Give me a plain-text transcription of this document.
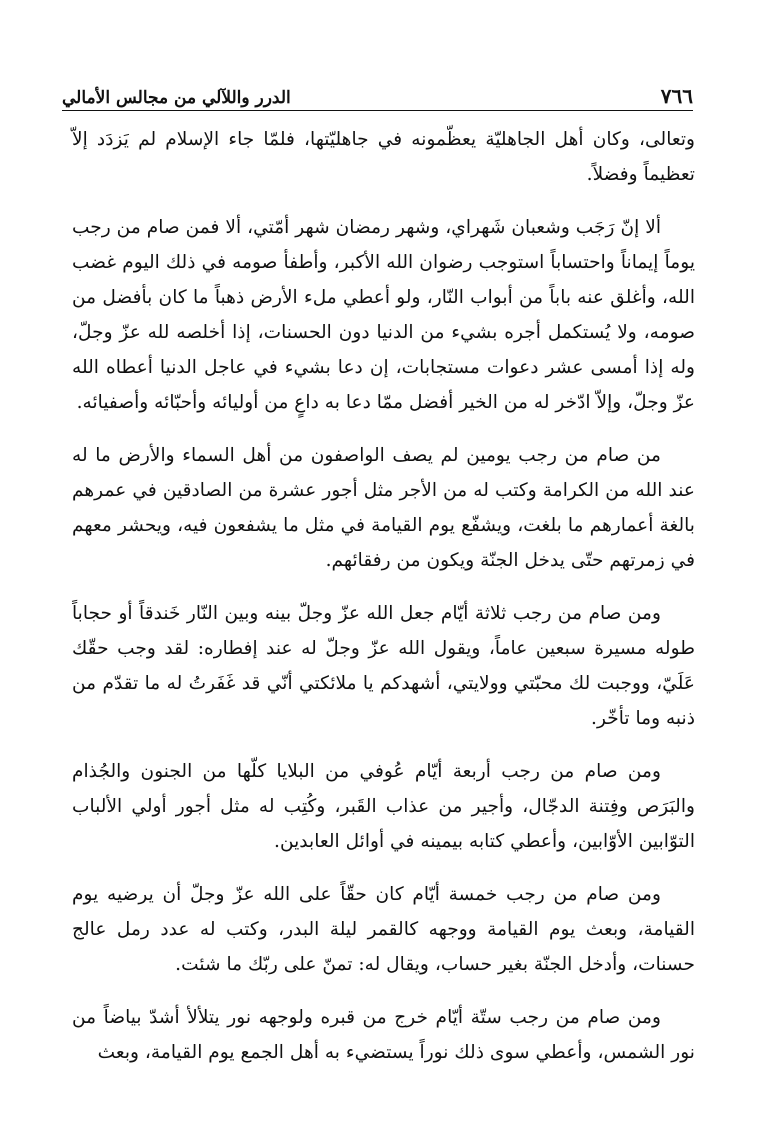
٧٦٦
الدرر واللآلي من مجالس الأمالي

وتعالى، وكان أهل الجاهليّة يعظّمونه في جاهليّتها، فلمّا جاء الإسلام لم يَزدَد إلاّ تعظيماً وفضلاً.

ألا إنّ رَجَب وشعبان شَهراي، وشهر رمضان شهر أمّتي، ألا فمن صام من رجب يوماً إيماناً واحتساباً استوجب رضوان الله الأكبر، وأطفأ صومه في ذلك اليوم غضب الله، وأغلق عنه باباً من أبواب النّار، ولو أعطي ملء الأرض ذهباً ما كان بأفضل من صومه، ولا يُستكمل أجره بشيء من الدنيا دون الحسنات، إذا أخلصه لله عزّ وجلّ، وله إذا أمسى عشر دعوات مستجابات، إن دعا بشيء في عاجل الدنيا أعطاه الله عزّ وجلّ، وإلاّ ادّخر له من الخير أفضل ممّا دعا به داعٍ من أوليائه وأحبّائه وأصفيائه.

من صام من رجب يومين لم يصف الواصفون من أهل السماء والأرض ما له عند الله من الكرامة وكتب له من الأجر مثل أجور عشرة من الصادقين في عمرهم بالغة أعمارهم ما بلغت، ويشفّع يوم القيامة في مثل ما يشفعون فيه، ويحشر معهم في زمرتهم حتّى يدخل الجنّة ويكون من رفقائهم.

ومن صام من رجب ثلاثة أيّام جعل الله عزّ وجلّ بينه وبين النّار خَندقاً أو حجاباً طوله مسيرة سبعين عاماً، ويقول الله عزّ وجلّ له عند إفطاره: لقد وجب حقّك عَلَيّ، ووجبت لك محبّتي وولايتي، أشهدكم يا ملائكتي أنّي قد غَفَرتُ له ما تقدّم من ذنبه وما تأخّر.

ومن صام من رجب أربعة أيّام عُوفي من البلايا كلّها من الجنون والجُذام والبَرَص وفِتنة الدجّال، وأجير من عذاب القَبر، وكُتِب له مثل أجور أولي الألباب التوّابين الأوّابين، وأعطي كتابه بيمينه في أوائل العابدين.

ومن صام من رجب خمسة أيّام كان حقّاً على الله عزّ وجلّ أن يرضيه يوم القيامة، وبعث يوم القيامة ووجهه كالقمر ليلة البدر، وكتب له عدد رمل عالج حسنات، وأدخل الجنّة بغير حساب، ويقال له: تمنّ على ربّك ما شئت.

ومن صام من رجب ستّة أيّام خرج من قبره ولوجهه نور يتلألأ أشدّ بياضاً من نور الشمس، وأعطي سوى ذلك نوراً يستضيء به أهل الجمع يوم القيامة، وبعث
